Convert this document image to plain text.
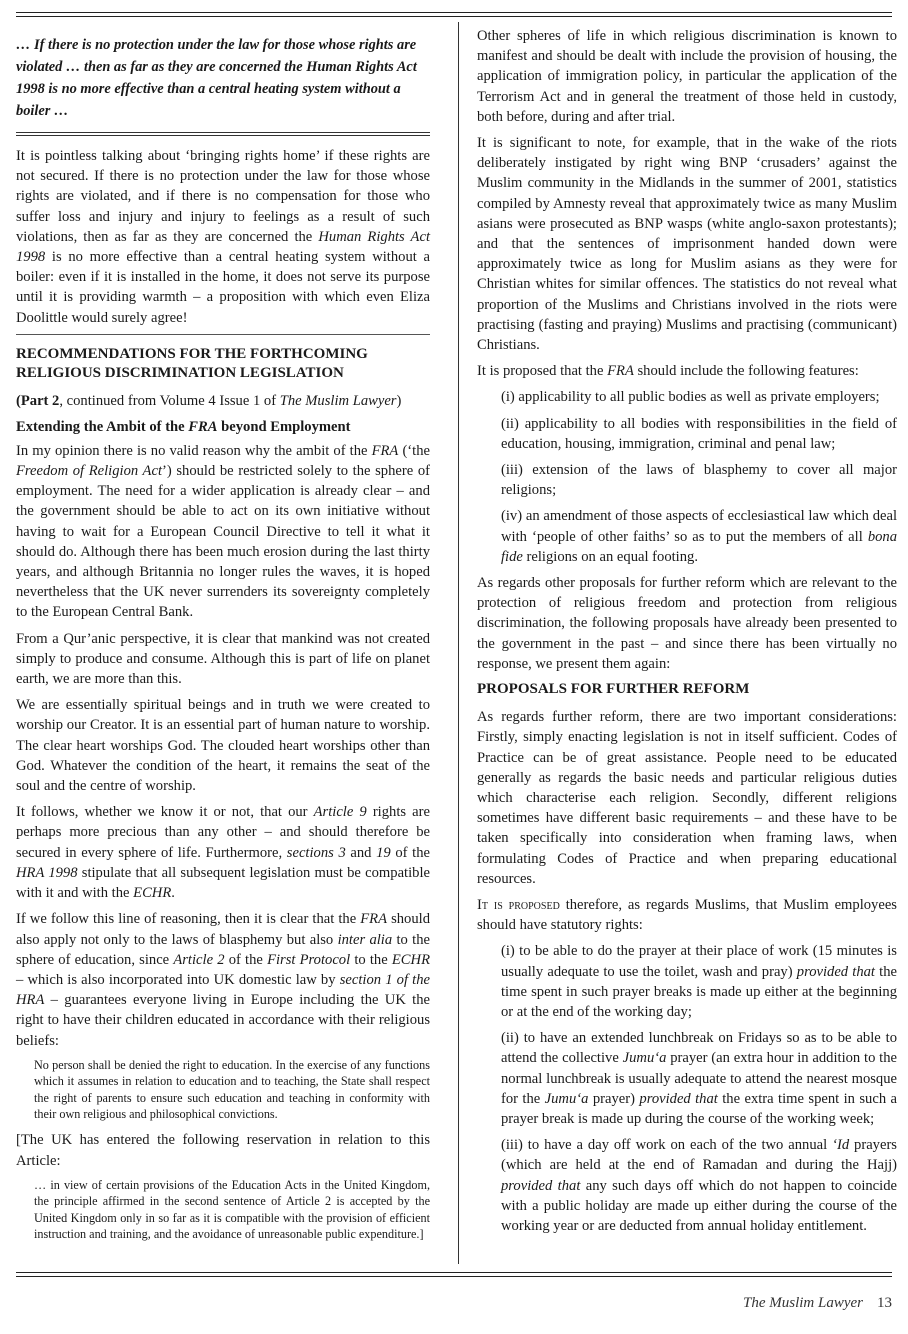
… If there is no protection under the law for those whose rights are violated … then as far as they are concerned the Human Rights Act 1998 is no more effective than a central heating system without a boiler …

It is pointless talking about ‘bringing rights home’ if these rights are not secured. If there is no protection under the law for those whose rights are violated, and if there is no compensation for those who suffer loss and injury and injury to feelings as a result of such violations, then as far as they are concerned the Human Rights Act 1998 is no more effective than a central heating system without a boiler: even if it is installed in the home, it does not serve its purpose until it is providing warmth – a proposition with which even Eliza Doolittle would surely agree!

RECOMMENDATIONS FOR THE FORTHCOMING RELIGIOUS DISCRIMINATION LEGISLATION

(Part 2, continued from Volume 4 Issue 1 of The Muslim Lawyer)

Extending the Ambit of the FRA beyond Employment

In my opinion there is no valid reason why the ambit of the FRA (‘the Freedom of Religion Act’) should be restricted solely to the sphere of employment. The need for a wider application is already clear – and the government should be able to act on its own initiative without having to wait for a European Council Directive to tell it what it should do. Although there has been much erosion during the last thirty years, and although Britannia no longer rules the waves, it is hoped nevertheless that the UK never surrenders its sovereignty completely to the European Central Bank.

From a Qur’anic perspective, it is clear that mankind was not created simply to produce and consume. Although this is part of life on planet earth, we are more than this.

We are essentially spiritual beings and in truth we were created to worship our Creator. It is an essential part of human nature to worship. The clear heart worships God. The clouded heart worships other than God. Whatever the condition of the heart, it remains the seat of the soul and the centre of worship.

It follows, whether we know it or not, that our Article 9 rights are perhaps more precious than any other – and should therefore be secured in every sphere of life. Furthermore, sections 3 and 19 of the HRA 1998 stipulate that all subsequent legislation must be compatible with it and with the ECHR.

If we follow this line of reasoning, then it is clear that the FRA should also apply not only to the laws of blasphemy but also inter alia to the sphere of education, since Article 2 of the First Protocol to the ECHR – which is also incorporated into UK domestic law by section 1 of the HRA – guarantees everyone living in Europe including the UK the right to have their children educated in accordance with their religious beliefs:

No person shall be denied the right to education. In the exercise of any functions which it assumes in relation to education and to teaching, the State shall respect the right of parents to ensure such education and teaching in conformity with their own religious and philosophical convictions.

[The UK has entered the following reservation in relation to this Article:

… in view of certain provisions of the Education Acts in the United Kingdom, the principle affirmed in the second sentence of Article 2 is accepted by the United Kingdom only in so far as it is compatible with the provision of efficient instruction and training, and the avoidance of unreasonable public expenditure.]

Other spheres of life in which religious discrimination is known to manifest and should be dealt with include the provision of housing, the application of immigration policy, in particular the application of the Terrorism Act and in general the treatment of those held in custody, both before, during and after trial.

It is significant to note, for example, that in the wake of the riots deliberately instigated by right wing BNP ‘crusaders’ against the Muslim community in the Midlands in the summer of 2001, statistics compiled by Amnesty reveal that approximately twice as many Muslim asians were prosecuted as BNP wasps (white anglo-saxon protestants); and that the sentences of imprisonment handed down were approximately twice as long for Muslim asians as they were for Christian whites for similar offences. The statistics do not reveal what proportion of the Muslims and Christians involved in the riots were practising (fasting and praying) Muslims and practising (communicant) Christians.

It is proposed that the FRA should include the following features:

(i) applicability to all public bodies as well as private employers;

(ii) applicability to all bodies with responsibilities in the field of education, housing, immigration, criminal and penal law;

(iii) extension of the laws of blasphemy to cover all major religions;

(iv) an amendment of those aspects of ecclesiastical law which deal with ‘people of other faiths’ so as to put the members of all bona fide religions on an equal footing.

As regards other proposals for further reform which are relevant to the protection of religious freedom and protection from religious discrimination, the following proposals have already been presented to the government in the past – and since there has been virtually no response, we present them again:

PROPOSALS FOR FURTHER REFORM

As regards further reform, there are two important considerations: Firstly, simply enacting legislation is not in itself sufficient. Codes of Practice can be of great assistance. People need to be educated generally as regards the basic needs and particular religious duties which characterise each religion. Secondly, different religions sometimes have different basic requirements – and these have to be taken specifically into consideration when framing laws, when formulating Codes of Practice and when preparing educational resources.

It is proposed therefore, as regards Muslims, that Muslim employees should have statutory rights:

(i) to be able to do the prayer at their place of work (15 minutes is usually adequate to use the toilet, wash and pray) provided that the time spent in such prayer breaks is made up either at the beginning or at the end of the working day;

(ii) to have an extended lunchbreak on Fridays so as to be able to attend the collective Jumu‘a prayer (an extra hour in addition to the normal lunchbreak is usually adequate to attend the nearest mosque for the Jumu‘a prayer) provided that the extra time spent in such a prayer break is made up during the course of the working week;

(iii) to have a day off work on each of the two annual ‘Id prayers (which are held at the end of Ramadan and during the Hajj) provided that any such days off which do not happen to coincide with a public holiday are made up either during the course of the working year or are deducted from annual holiday entitlement.

The Muslim Lawyer 13
